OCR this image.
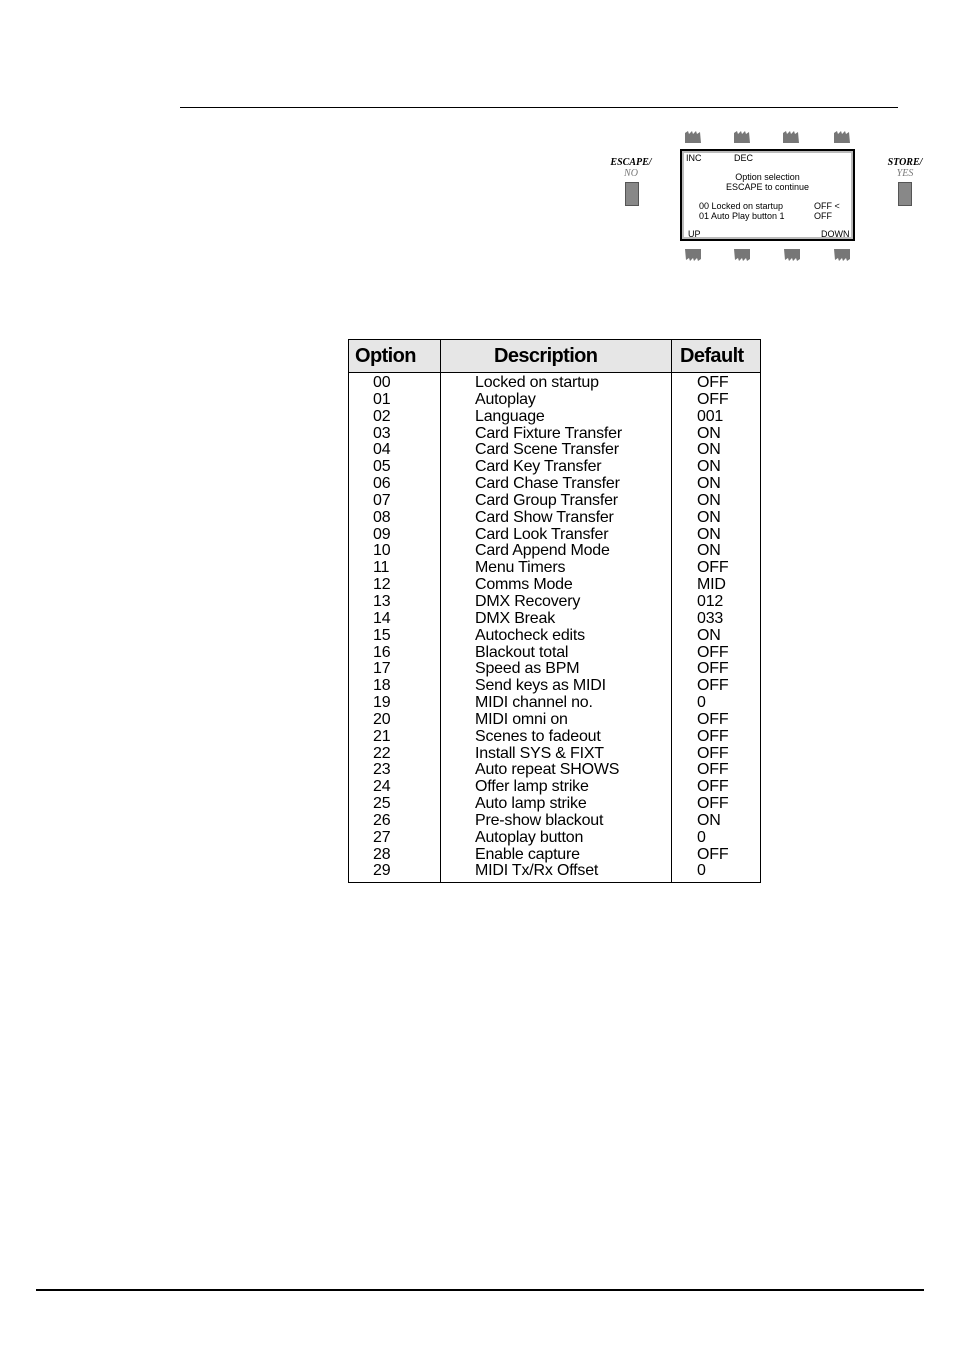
ESCAPE/
NO
STORE/
YES
INC	DEC
Option selection
ESCAPE to continue
00 Locked on startup	OFF <
01 Auto Play button 1	OFF
UP	DOWN
Option	Description	Default
00	Locked on startup	OFF
01	Autoplay	OFF
02	Language	001
03	Card Fixture Transfer	ON
04	Card Scene Transfer	ON
05	Card Key Transfer	ON
06	Card Chase Transfer	ON
07	Card Group Transfer	ON
08	Card Show Transfer	ON
09	Card Look Transfer	ON
10	Card Append Mode	ON
11	Menu Timers	OFF
12	Comms Mode	MID
13	DMX Recovery	012
14	DMX Break	033
15	Autocheck edits	ON
16	Blackout total	OFF
17	Speed as BPM	OFF
18	Send keys as MIDI	OFF
19	MIDI channel no.	0
20	MIDI omni on	OFF
21	Scenes to fadeout	OFF
22	Install SYS & FIXT	OFF
23	Auto repeat SHOWS	OFF
24	Offer lamp strike	OFF
25	Auto lamp strike	OFF
26	Pre-show blackout	ON
27	Autoplay button	0
28	Enable capture	OFF
29	MIDI Tx/Rx Offset	0
